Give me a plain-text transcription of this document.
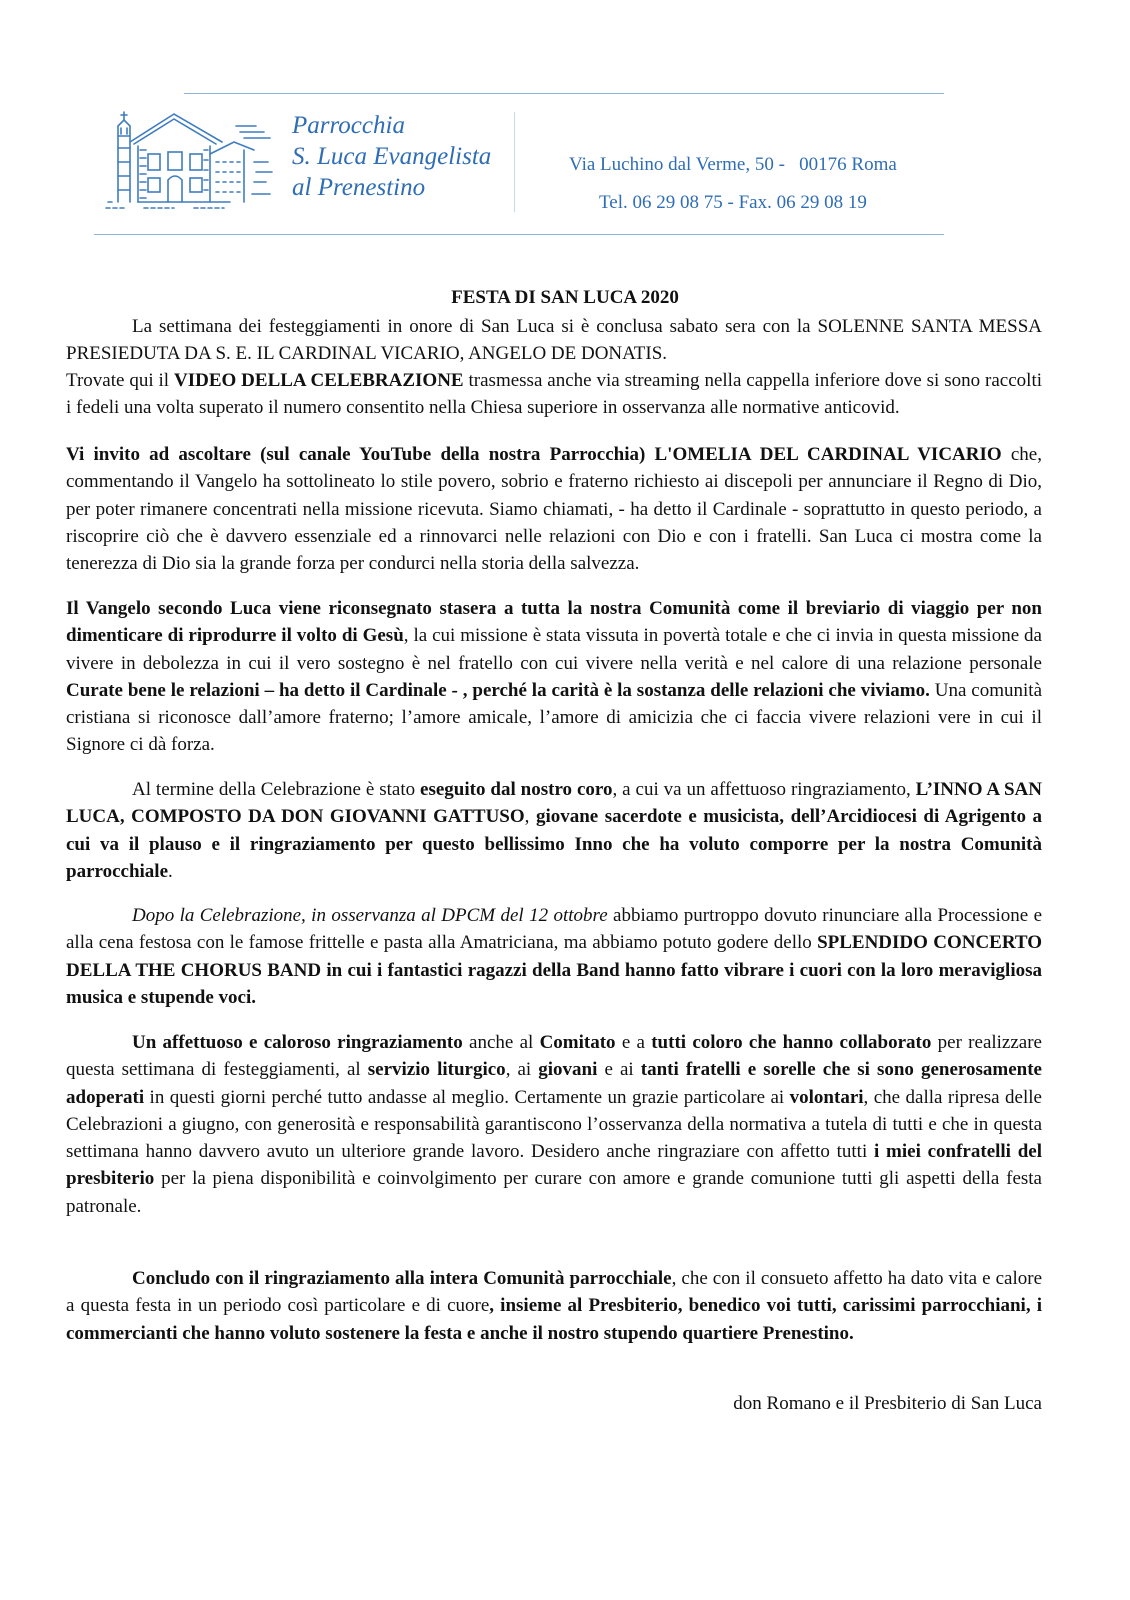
Parrocchia
S. Luca Evangelista
al Prenestino
Via Luchino dal Verme, 50 -   00176 Roma
Tel. 06 29 08 75 - Fax. 06 29 08 19
FESTA DI SAN LUCA 2020
La settimana dei festeggiamenti in onore di San Luca si è conclusa sabato sera con la SOLENNE SANTA MESSA PRESIEDUTA DA S. E. IL CARDINAL VICARIO, ANGELO DE DONATIS.
Trovate qui il VIDEO DELLA CELEBRAZIONE trasmessa anche via streaming nella cappella inferiore dove si sono raccolti i fedeli una volta superato il numero consentito nella Chiesa superiore in osservanza alle normative anticovid.
Vi invito ad ascoltare (sul canale YouTube della nostra Parrocchia) L'OMELIA DEL CARDINAL VICARIO che, commentando il Vangelo ha sottolineato lo stile povero, sobrio e fraterno richiesto ai discepoli per annunciare il Regno di Dio, per poter rimanere concentrati nella missione ricevuta. Siamo chiamati, - ha detto il Cardinale - soprattutto in questo periodo, a riscoprire ciò che è davvero essenziale ed a rinnovarci nelle relazioni con Dio e con i fratelli. San Luca ci mostra come la tenerezza di Dio sia la grande forza per condurci nella storia della salvezza.
Il Vangelo secondo Luca viene riconsegnato stasera a tutta la nostra Comunità come il breviario di viaggio per non dimenticare di riprodurre il volto di Gesù, la cui missione è stata vissuta in povertà totale e che ci invia in questa missione da vivere in debolezza in cui il vero sostegno è nel fratello con cui vivere nella verità e nel calore di una relazione personale Curate bene le relazioni – ha detto il Cardinale - , perché la carità è la sostanza delle relazioni che viviamo. Una comunità cristiana si riconosce dall’amore fraterno; l’amore amicale, l’amore di amicizia che ci faccia vivere relazioni vere in cui il Signore ci dà forza.
Al termine della Celebrazione è stato eseguito dal nostro coro, a cui va un affettuoso ringraziamento, L’INNO A SAN LUCA, COMPOSTO DA DON GIOVANNI GATTUSO, giovane sacerdote e musicista, dell’Arcidiocesi di Agrigento a cui va il plauso e il ringraziamento per questo bellissimo Inno che ha voluto comporre per la nostra Comunità parrocchiale.
Dopo la Celebrazione, in osservanza al DPCM del 12 ottobre abbiamo purtroppo dovuto rinunciare alla Processione e alla cena festosa con le famose frittelle e pasta alla Amatriciana, ma abbiamo potuto godere dello SPLENDIDO CONCERTO DELLA THE CHORUS BAND in cui i fantastici ragazzi della Band hanno fatto vibrare i cuori con la loro meravigliosa musica e stupende voci.
Un affettuoso e caloroso ringraziamento anche al Comitato e a tutti coloro che hanno collaborato per realizzare questa settimana di festeggiamenti, al servizio liturgico, ai giovani e ai tanti fratelli e sorelle che si sono generosamente adoperati in questi giorni perché tutto andasse al meglio. Certamente un grazie particolare ai volontari, che dalla ripresa delle Celebrazioni a giugno, con generosità e responsabilità garantiscono l’osservanza della normativa a tutela di tutti e che in questa settimana hanno davvero avuto un ulteriore grande lavoro. Desidero anche ringraziare con affetto tutti i miei confratelli del presbiterio per la piena disponibilità e coinvolgimento per curare con amore e grande comunione tutti gli aspetti della festa patronale.
Concludo con il ringraziamento alla intera Comunità parrocchiale, che con il consueto affetto ha dato vita e calore a questa festa in un periodo così particolare e di cuore, insieme al Presbiterio, benedico voi tutti, carissimi parrocchiani, i commercianti che hanno voluto sostenere la festa e anche il nostro stupendo quartiere Prenestino.
don Romano e il Presbiterio di San Luca
